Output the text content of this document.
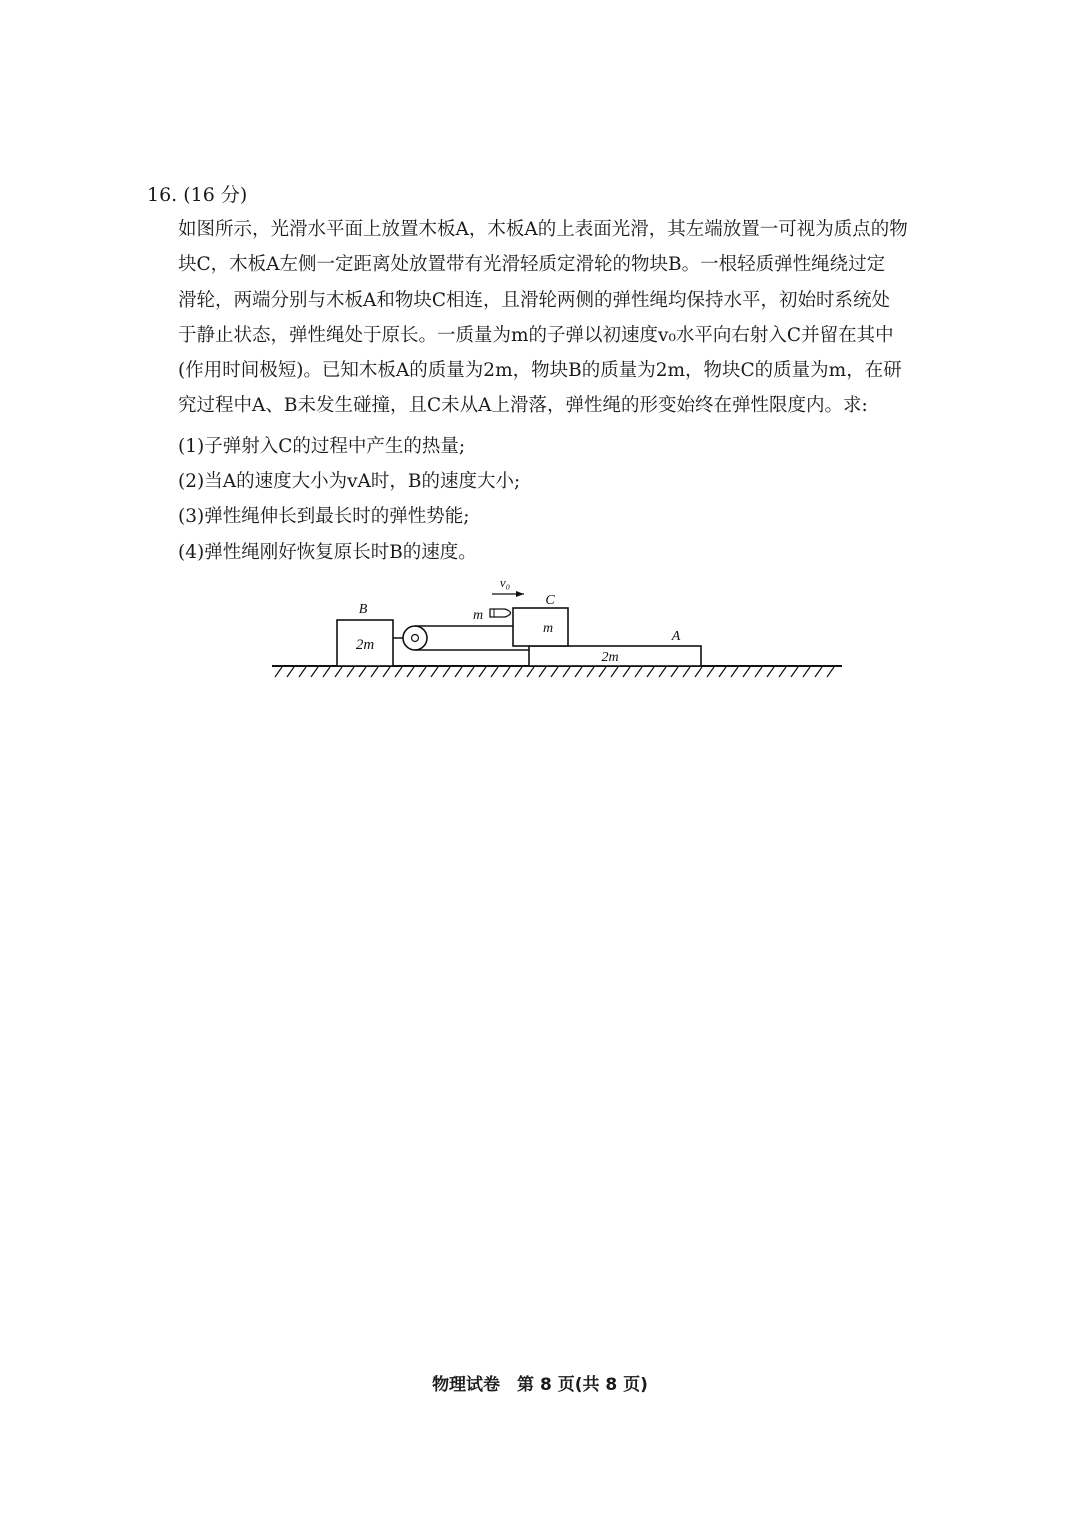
16. (16 分)
如图所示，光滑水平面上放置木板A，木板A的上表面光滑，其左端放置一可视为质点的物
块C，木板A左侧一定距离处放置带有光滑轻质定滑轮的物块B。一根轻质弹性绳绕过定
滑轮，两端分别与木板A和物块C相连，且滑轮两侧的弹性绳均保持水平，初始时系统处
于静止状态，弹性绳处于原长。一质量为m的子弹以初速度v₀水平向右射入C并留在其中
(作用时间极短)。已知木板A的质量为2m，物块B的质量为2m，物块C的质量为m，在研
究过程中A、B未发生碰撞，且C未从A上滑落，弹性绳的形变始终在弹性限度内。求:
(1)子弹射入C的过程中产生的热量;
(2)当A的速度大小为vA时，B的速度大小;
(3)弹性绳伸长到最长时的弹性势能;
(4)弹性绳刚好恢复原长时B的速度。
B
2m
A
2m
C
m
m
v₀
物理试卷　第 8 页(共 8 页)
